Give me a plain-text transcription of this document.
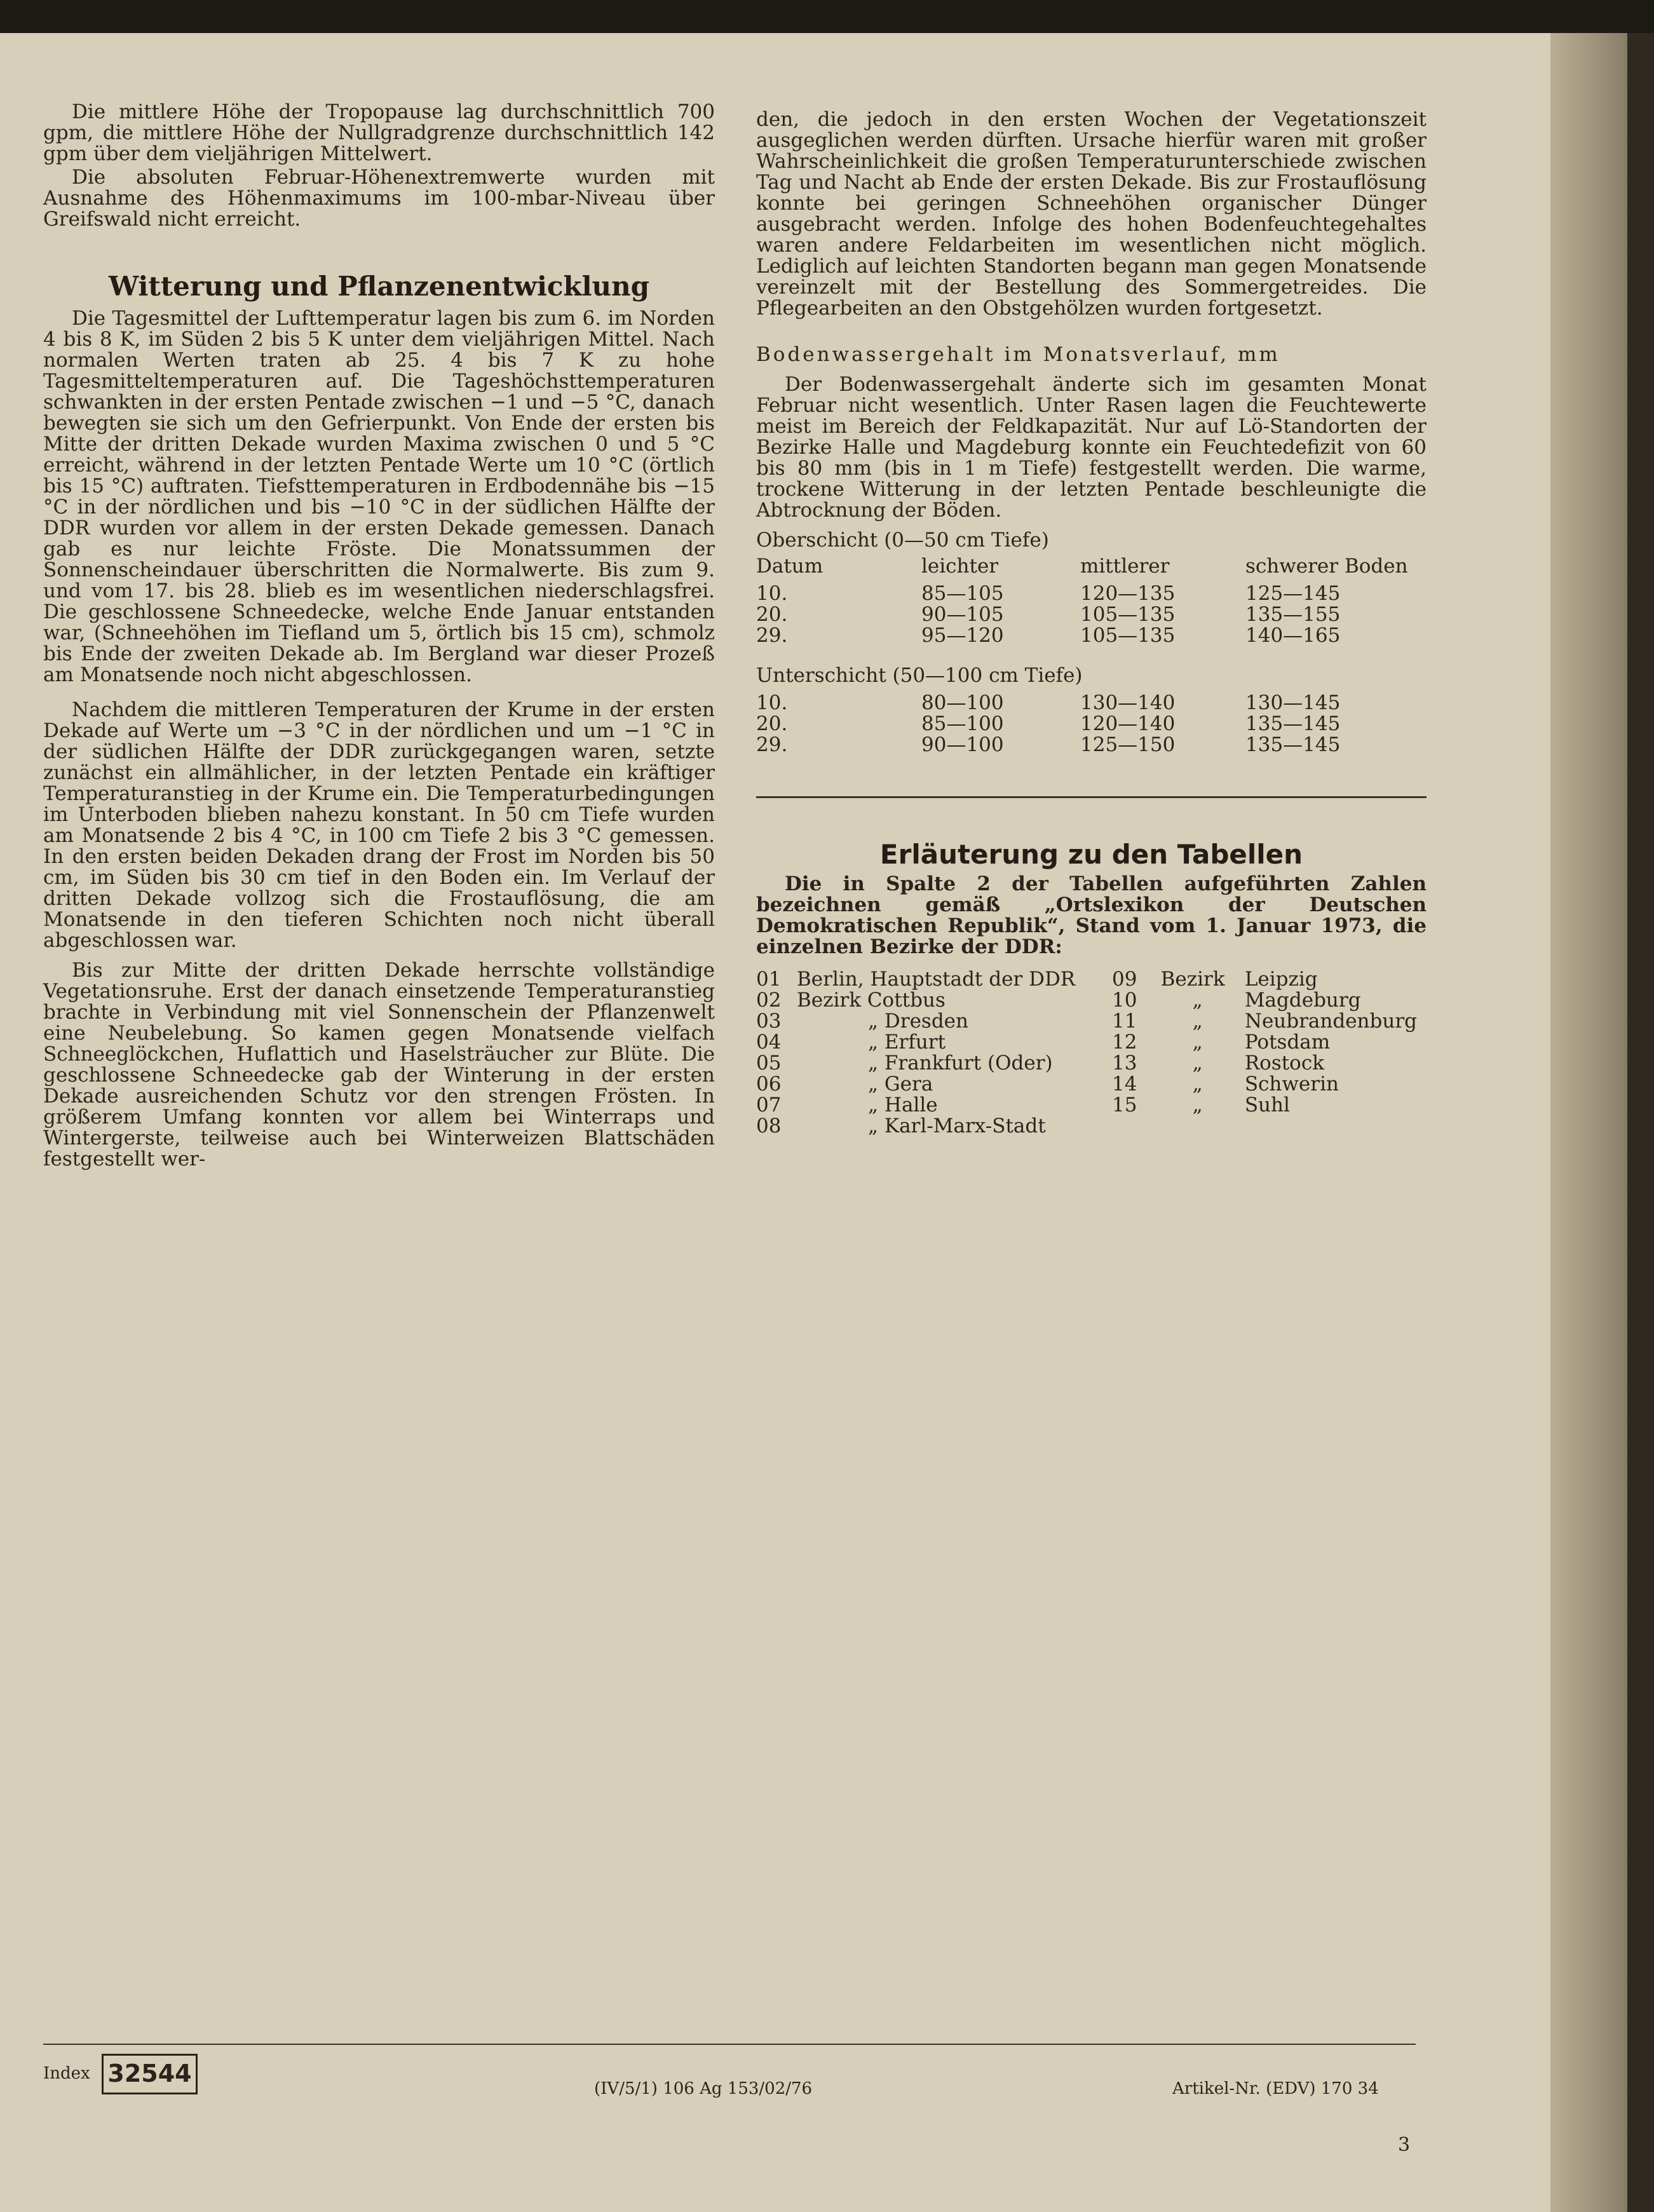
Die mittlere Höhe der Tropopause lag durchschnittlich 700 gpm, die mittlere Höhe der Nullgradgrenze durchschnittlich 142 gpm über dem vieljährigen Mittelwert.

Die absoluten Februar-Höhenextremwerte wurden mit Ausnahme des Höhenmaximums im 100-mbar-Niveau über Greifswald nicht erreicht.

Witterung und Pflanzenentwicklung

Die Tagesmittel der Lufttemperatur lagen bis zum 6. im Norden 4 bis 8 K, im Süden 2 bis 5 K unter dem vieljährigen Mittel. Nach normalen Werten traten ab 25. 4 bis 7 K zu hohe Tagesmitteltemperaturen auf. Die Tageshöchsttemperaturen schwankten in der ersten Pentade zwischen −1 und −5 °C, danach bewegten sie sich um den Gefrierpunkt. Von Ende der ersten bis Mitte der dritten Dekade wurden Maxima zwischen 0 und 5 °C erreicht, während in der letzten Pentade Werte um 10 °C (örtlich bis 15 °C) auftraten. Tiefsttemperaturen in Erdbodennähe bis −15 °C in der nördlichen und bis −10 °C in der südlichen Hälfte der DDR wurden vor allem in der ersten Dekade gemessen. Danach gab es nur leichte Fröste. Die Monatssummen der Sonnenscheindauer überschritten die Normalwerte. Bis zum 9. und vom 17. bis 28. blieb es im wesentlichen niederschlagsfrei. Die geschlossene Schneedecke, welche Ende Januar entstanden war, (Schneehöhen im Tiefland um 5, örtlich bis 15 cm), schmolz bis Ende der zweiten Dekade ab. Im Bergland war dieser Prozeß am Monatsende noch nicht abgeschlossen.

Nachdem die mittleren Temperaturen der Krume in der ersten Dekade auf Werte um −3 °C in der nördlichen und um −1 °C in der südlichen Hälfte der DDR zurückgegangen waren, setzte zunächst ein allmählicher, in der letzten Pentade ein kräftiger Temperaturanstieg in der Krume ein. Die Temperaturbedingungen im Unterboden blieben nahezu konstant. In 50 cm Tiefe wurden am Monatsende 2 bis 4 °C, in 100 cm Tiefe 2 bis 3 °C gemessen. In den ersten beiden Dekaden drang der Frost im Norden bis 50 cm, im Süden bis 30 cm tief in den Boden ein. Im Verlauf der dritten Dekade vollzog sich die Frostauflösung, die am Monatsende in den tieferen Schichten noch nicht überall abgeschlossen war.

Bis zur Mitte der dritten Dekade herrschte vollständige Vegetationsruhe. Erst der danach einsetzende Temperaturanstieg brachte in Verbindung mit viel Sonnenschein der Pflanzenwelt eine Neubelebung. So kamen gegen Monatsende vielfach Schneeglöckchen, Huflattich und Haselsträucher zur Blüte. Die geschlossene Schneedecke gab der Winterung in der ersten Dekade ausreichenden Schutz vor den strengen Frösten. In größerem Umfang konnten vor allem bei Winterraps und Wintergerste, teilweise auch bei Winterweizen Blattschäden festgestellt wer-

den, die jedoch in den ersten Wochen der Vegetationszeit ausgeglichen werden dürften. Ursache hierfür waren mit großer Wahrscheinlichkeit die großen Temperaturunterschiede zwischen Tag und Nacht ab Ende der ersten Dekade. Bis zur Frostauflösung konnte bei geringen Schneehöhen organischer Dünger ausgebracht werden. Infolge des hohen Bodenfeuchtegehaltes waren andere Feldarbeiten im wesentlichen nicht möglich. Lediglich auf leichten Standorten begann man gegen Monatsende vereinzelt mit der Bestellung des Sommergetreides. Die Pflegearbeiten an den Obstgehölzen wurden fortgesetzt.

Bodenwassergehalt im Monatsverlauf, mm

Der Bodenwassergehalt änderte sich im gesamten Monat Februar nicht wesentlich. Unter Rasen lagen die Feuchtewerte meist im Bereich der Feldkapazität. Nur auf Lö-Standorten der Bezirke Halle und Magdeburg konnte ein Feuchtedefizit von 60 bis 80 mm (bis in 1 m Tiefe) festgestellt werden. Die warme, trockene Witterung in der letzten Pentade beschleunigte die Abtrocknung der Böden.

Oberschicht (0—50 cm Tiefe)
Datum	leichter	mittlerer	schwerer Boden

10.	85—105	120—135	125—145
20.	90—105	105—135	135—155
29.	95—120	105—135	140—165
Unterschicht (50—100 cm Tiefe)
10.	80—100	130—140	130—145
20.	85—100	120—140	135—145
29.	90—100	125—150	135—145
Erläuterung zu den Tabellen

Die in Spalte 2 der Tabellen aufgeführten Zahlen bezeichnen gemäß „Ortslexikon der Deutschen Demokratischen Republik“, Stand vom 1. Januar 1973, die einzelnen Bezirke der DDR:

01	Berlin, Hauptstadt der DDR
02	Bezirk Cottbus
03	„ Dresden
04	„ Erfurt
05	„ Frankfurt (Oder)
06	„ Gera
07	„ Halle
08	„ Karl-Marx-Stadt
09	Bezirk	Leipzig
10	„	Magdeburg
11	„	Neubrandenburg
12	„	Potsdam
13	„	Rostock
14	„	Schwerin
15	„	Suhl
Index 32544
(IV/5/1) 106 Ag 153/02/76	Artikel-Nr. (EDV) 170 34
3
